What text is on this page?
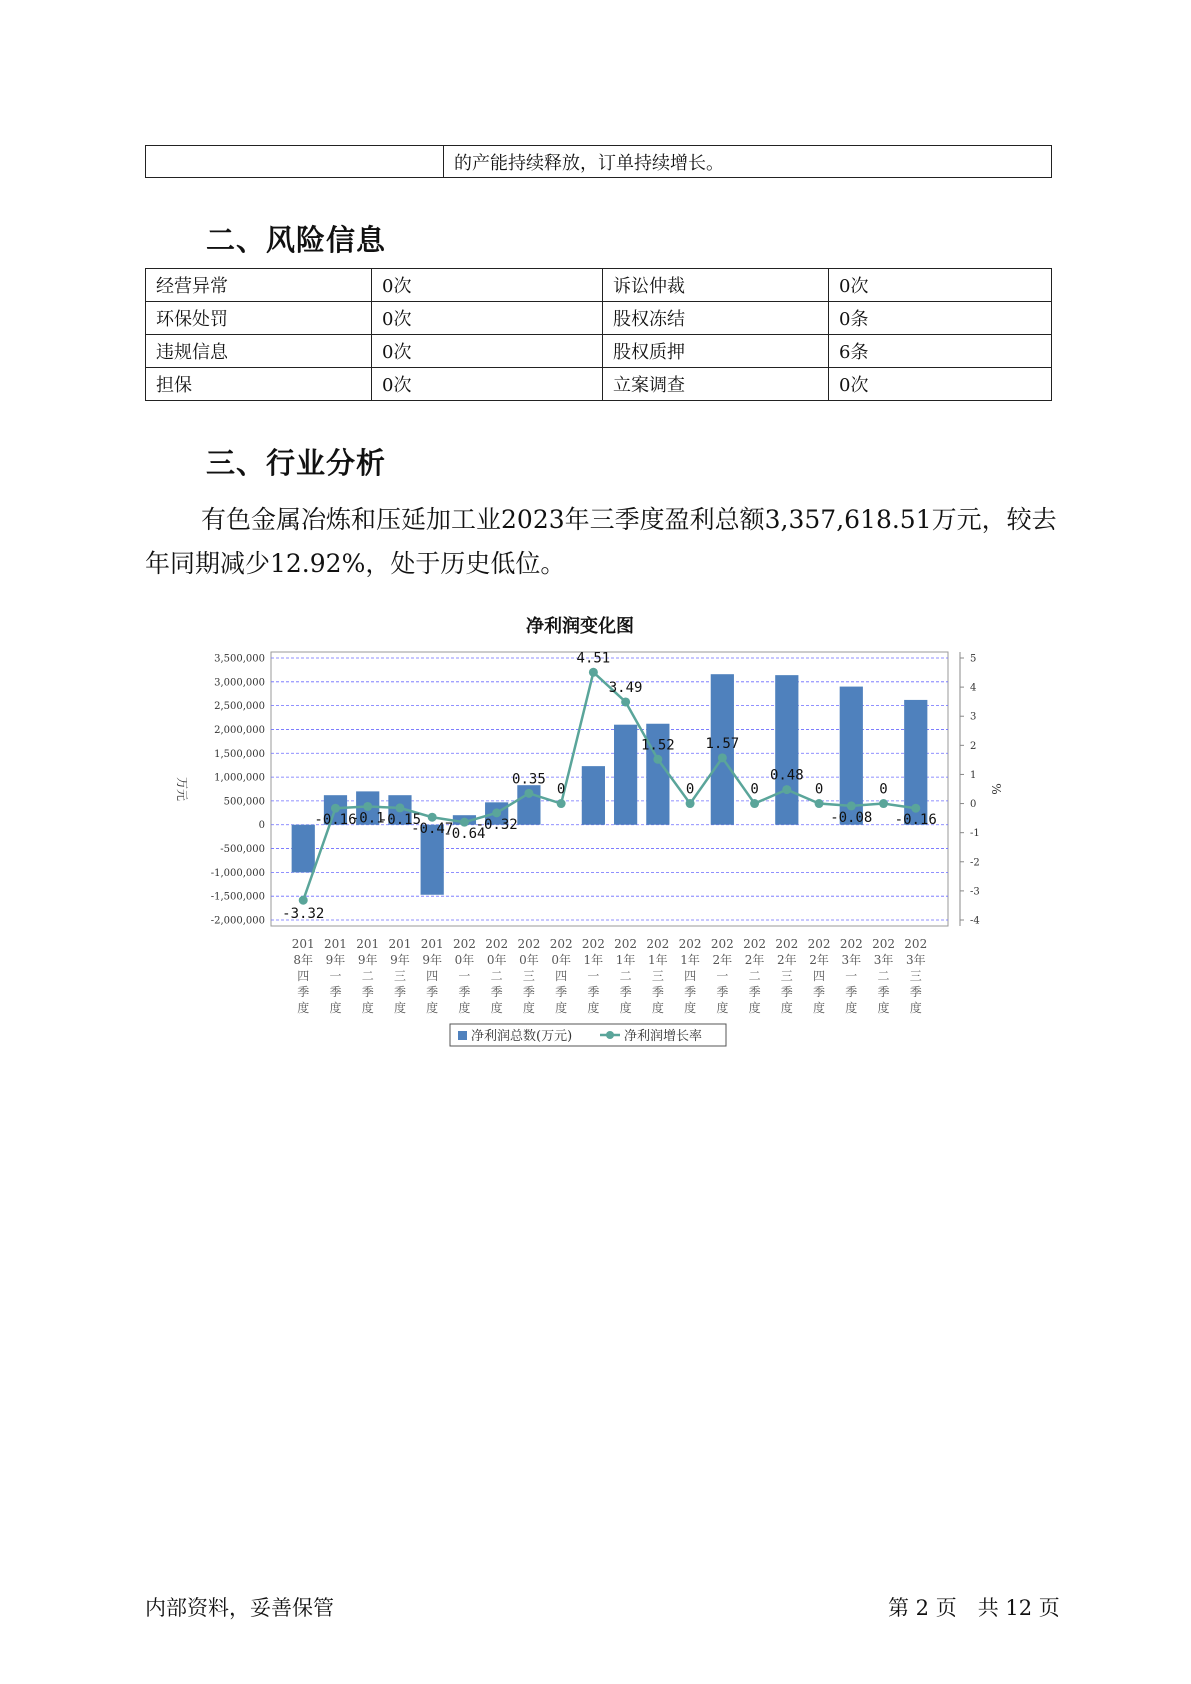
	的产能持续释放，订单持续增长。
二、风险信息
经营异常	0次	诉讼仲裁	0次
环保处罚	0次	股权冻结	0条
违规信息	0次	股权质押	6条
担保	0次	立案调查	0次
三、行业分析
有色金属冶炼和压延加工业2023年三季度盈利总额3,357,618.51万元，较去年同期减少12.92%，处于历史低位。
净利润变化图
3,500,000
3,000,000
2,500,000
2,000,000
1,500,000
1,000,000
500,000
0
-500,000
-1,000,000
-1,500,000
-2,000,000
5
4
3
2
1
0
-1
-2
-3
-4
万元	%
-3.32
-0.16
-0.1
-0.15
-0.47
-0.64
-0.32
0.35
0
4.51
3.49
1.52
0
1.57
0
0.48
0
-0.08
0
-0.16
201
8年
四
季
度
201
9年
一
季
度
201
9年
二
季
度
201
9年
三
季
度
201
9年
四
季
度
202
0年
一
季
度
202
0年
二
季
度
202
0年
三
季
度
202
0年
四
季
度
202
1年
一
季
度
202
1年
二
季
度
202
1年
三
季
度
202
1年
四
季
度
202
2年
一
季
度
202
2年
二
季
度
202
2年
三
季
度
202
2年
四
季
度
202
3年
一
季
度
202
3年
二
季
度
202
3年
三
季
度
净利润总数(万元)	净利润增长率
内部资料，妥善保管	第 2 页　共 12 页
